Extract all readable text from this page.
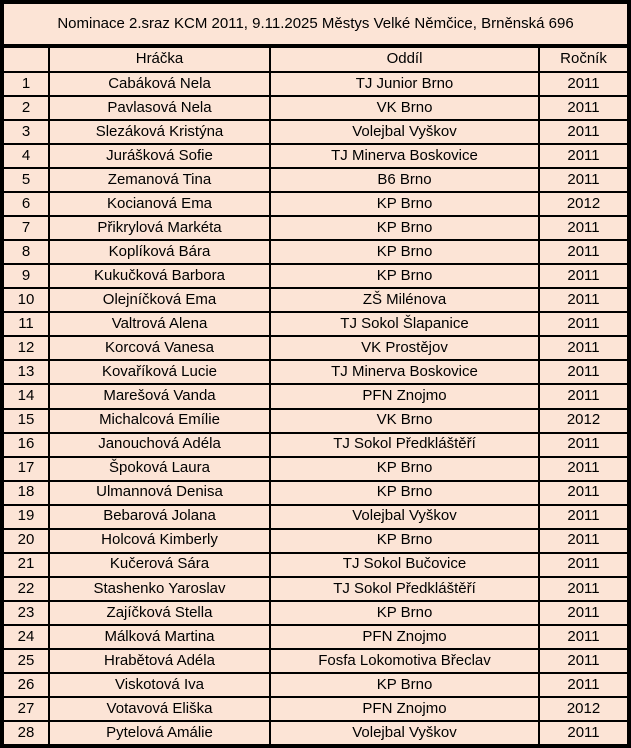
Nominace 2.sraz KCM 2011, 9.11.2025 Městys Velké Němčice, Brněnská 696			
	Hráčka	Oddíl	Ročník
1	Cabáková Nela	TJ Junior Brno	2011
2	Pavlasová Nela	VK Brno	2011
3	Slezáková Kristýna	Volejbal Vyškov	2011
4	Jurášková Sofie	TJ Minerva Boskovice	2011
5	Zemanová Tina	B6 Brno	2011
6	Kocianová Ema	KP Brno	2012
7	Přikrylová Markéta	KP Brno	2011
8	Koplíková Bára	KP Brno	2011
9	Kukučková Barbora	KP Brno	2011
10	Olejníčková Ema	ZŠ Milénova	2011
11	Valtrová Alena	TJ Sokol Šlapanice	2011
12	Korcová Vanesa	VK Prostějov	2011
13	Kovaříková Lucie	TJ Minerva Boskovice	2011
14	Marešová Vanda	PFN Znojmo	2011
15	Michalcová Emílie	VK Brno	2012
16	Janouchová Adéla	TJ Sokol Předkláštěří	2011
17	Špoková Laura	KP Brno	2011
18	Ulmannová Denisa	KP Brno	2011
19	Bebarová Jolana	Volejbal Vyškov	2011
20	Holcová Kimberly	KP Brno	2011
21	Kučerová Sára	TJ Sokol Bučovice	2011
22	Stashenko Yaroslav	TJ Sokol Předkláštěří	2011
23	Zajíčková Stella	KP Brno	2011
24	Málková Martina	PFN Znojmo	2011
25	Hrabětová Adéla	Fosfa Lokomotiva Břeclav	2011
26	Viskotová Iva	KP Brno	2011
27	Votavová Eliška	PFN Znojmo	2012
28	Pytelová Amálie	Volejbal Vyškov	2011
